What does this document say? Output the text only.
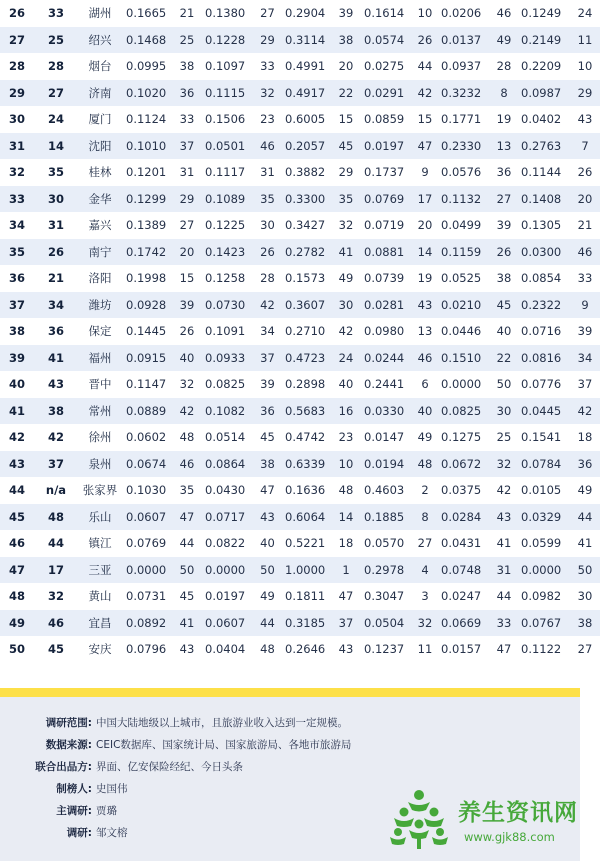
26	33	湖州	0.1665	21	0.1380	27	0.2904	39	0.1614	10	0.0206	46	0.1249	24
27	25	绍兴	0.1468	25	0.1228	29	0.3114	38	0.0574	26	0.0137	49	0.2149	11
28	28	烟台	0.0995	38	0.1097	33	0.4991	20	0.0275	44	0.0937	28	0.2209	10
29	27	济南	0.1020	36	0.1115	32	0.4917	22	0.0291	42	0.3232	8	0.0987	29
30	24	厦门	0.1124	33	0.1506	23	0.6005	15	0.0859	15	0.1771	19	0.0402	43
31	14	沈阳	0.1010	37	0.0501	46	0.2057	45	0.0197	47	0.2330	13	0.2763	7
32	35	桂林	0.1201	31	0.1117	31	0.3882	29	0.1737	9	0.0576	36	0.1144	26
33	30	金华	0.1299	29	0.1089	35	0.3300	35	0.0769	17	0.1132	27	0.1408	20
34	31	嘉兴	0.1389	27	0.1225	30	0.3427	32	0.0719	20	0.0499	39	0.1305	21
35	26	南宁	0.1742	20	0.1423	26	0.2782	41	0.0881	14	0.1159	26	0.0300	46
36	21	洛阳	0.1998	15	0.1258	28	0.1573	49	0.0739	19	0.0525	38	0.0854	33
37	34	潍坊	0.0928	39	0.0730	42	0.3607	30	0.0281	43	0.0210	45	0.2322	9
38	36	保定	0.1445	26	0.1091	34	0.2710	42	0.0980	13	0.0446	40	0.0716	39
39	41	福州	0.0915	40	0.0933	37	0.4723	24	0.0244	46	0.1510	22	0.0816	34
40	43	晋中	0.1147	32	0.0825	39	0.2898	40	0.2441	6	0.0000	50	0.0776	37
41	38	常州	0.0889	42	0.1082	36	0.5683	16	0.0330	40	0.0825	30	0.0445	42
42	42	徐州	0.0602	48	0.0514	45	0.4742	23	0.0147	49	0.1275	25	0.1541	18
43	37	泉州	0.0674	46	0.0864	38	0.6339	10	0.0194	48	0.0672	32	0.0784	36
44	n/a	张家界	0.1030	35	0.0430	47	0.1636	48	0.4603	2	0.0375	42	0.0105	49
45	48	乐山	0.0607	47	0.0717	43	0.6064	14	0.1885	8	0.0284	43	0.0329	44
46	44	镇江	0.0769	44	0.0822	40	0.5221	18	0.0570	27	0.0431	41	0.0599	41
47	17	三亚	0.0000	50	0.0000	50	1.0000	1	0.2978	4	0.0748	31	0.0000	50
48	32	黄山	0.0731	45	0.0197	49	0.1811	47	0.3047	3	0.0247	44	0.0982	30
49	46	宜昌	0.0892	41	0.0607	44	0.3185	37	0.0504	32	0.0669	33	0.0767	38
50	45	安庆	0.0796	43	0.0404	48	0.2646	43	0.1237	11	0.0157	47	0.1122	27
调研范围: 中国大陆地级以上城市，且旅游业收入达到一定规模。
数据来源: CEIC数据库、国家统计局、国家旅游局、各地市旅游局
联合出品方: 界面、亿安保险经纪、今日头条
制榜人: 史国伟
主调研: 贾璐
调研: 邹文榕
养生资讯网
www.gjk88.com
